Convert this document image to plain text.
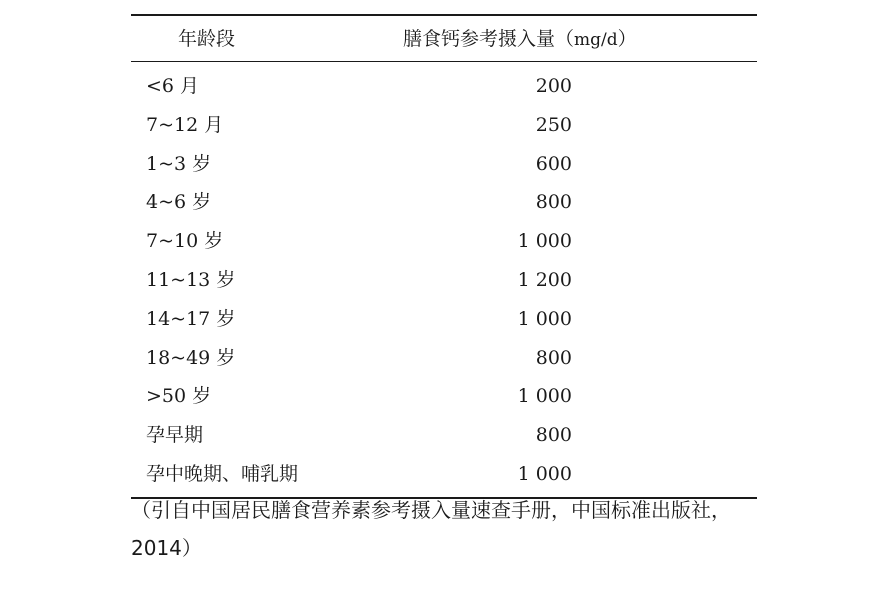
年龄段	膳食钙参考摄入量（mg/d）
<6 月	200
7~12 月	250
1~3 岁	600
4~6 岁	800
7~10 岁	1 000
11~13 岁	1 200
14~17 岁	1 000
18~49 岁	800
>50 岁	1 000
孕早期	800
孕中晚期、哺乳期	1 000
（引自中国居民膳食营养素参考摄入量速查手册，中国标准出版社，2014）
